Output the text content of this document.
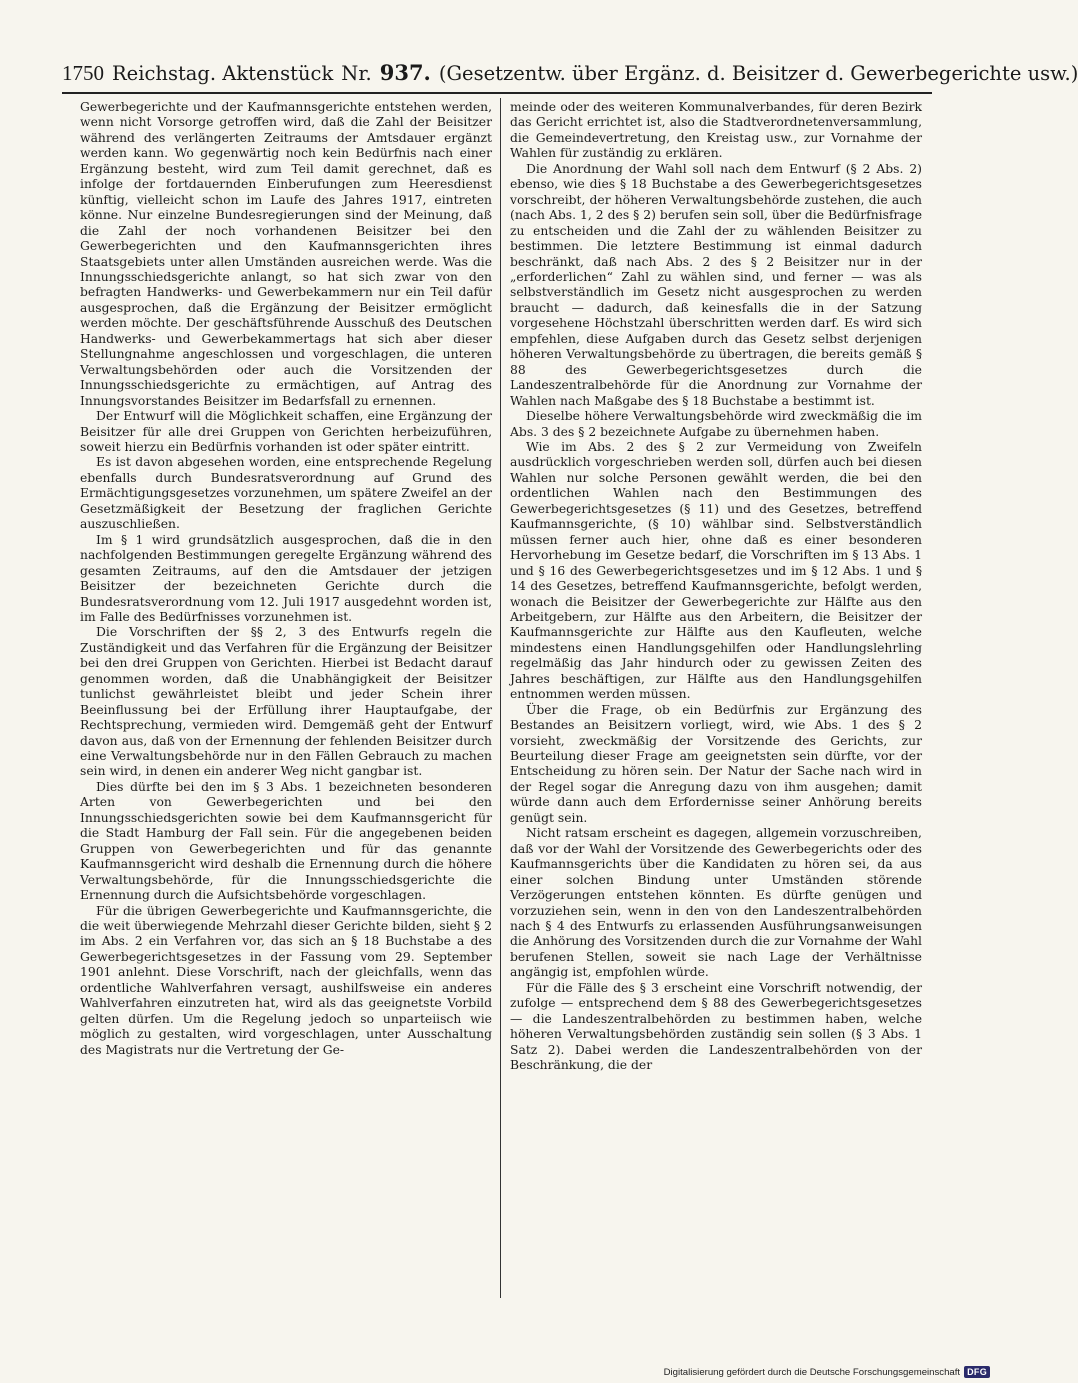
1750 Reichstag. Aktenstück Nr. 937. (Gesetzentw. über Ergänz. d. Beisitzer d. Gewerbegerichte usw.)

Gewerbegerichte und der Kaufmannsgerichte entstehen werden, wenn nicht Vorsorge getroffen wird, daß die Zahl der Beisitzer während des verlängerten Zeitraums der Amtsdauer ergänzt werden kann. Wo gegenwärtig noch kein Bedürfnis nach einer Ergänzung besteht, wird zum Teil damit gerechnet, daß es infolge der fortdauernden Einberufungen zum Heeresdienst künftig, vielleicht schon im Laufe des Jahres 1917, eintreten könne. Nur einzelne Bundesregierungen sind der Meinung, daß die Zahl der noch vorhandenen Beisitzer bei den Gewerbegerichten und den Kaufmannsgerichten ihres Staatsgebiets unter allen Umständen ausreichen werde. Was die Innungsschiedsgerichte anlangt, so hat sich zwar von den befragten Handwerks- und Gewerbekammern nur ein Teil dafür ausgesprochen, daß die Ergänzung der Beisitzer ermöglicht werden möchte. Der geschäftsführende Ausschuß des Deutschen Handwerks- und Gewerbekammertags hat sich aber dieser Stellungnahme angeschlossen und vorgeschlagen, die unteren Verwaltungsbehörden oder auch die Vorsitzenden der Innungsschiedsgerichte zu ermächtigen, auf Antrag des Innungsvorstandes Beisitzer im Bedarfsfall zu ernennen.

Der Entwurf will die Möglichkeit schaffen, eine Ergänzung der Beisitzer für alle drei Gruppen von Gerichten herbeizuführen, soweit hierzu ein Bedürfnis vorhanden ist oder später eintritt.

Es ist davon abgesehen worden, eine entsprechende Regelung ebenfalls durch Bundesratsverordnung auf Grund des Ermächtigungsgesetzes vorzunehmen, um spätere Zweifel an der Gesetzmäßigkeit der Besetzung der fraglichen Gerichte auszuschließen.

Im § 1 wird grundsätzlich ausgesprochen, daß die in den nachfolgenden Bestimmungen geregelte Ergänzung während des gesamten Zeitraums, auf den die Amtsdauer der jetzigen Beisitzer der bezeichneten Gerichte durch die Bundesratsverordnung vom 12. Juli 1917 ausgedehnt worden ist, im Falle des Bedürfnisses vorzunehmen ist.

Die Vorschriften der §§ 2, 3 des Entwurfs regeln die Zuständigkeit und das Verfahren für die Ergänzung der Beisitzer bei den drei Gruppen von Gerichten. Hierbei ist Bedacht darauf genommen worden, daß die Unabhängigkeit der Beisitzer tunlichst gewährleistet bleibt und jeder Schein ihrer Beeinflussung bei der Erfüllung ihrer Hauptaufgabe, der Rechtsprechung, vermieden wird. Demgemäß geht der Entwurf davon aus, daß von der Ernennung der fehlenden Beisitzer durch eine Verwaltungsbehörde nur in den Fällen Gebrauch zu machen sein wird, in denen ein anderer Weg nicht gangbar ist.

Dies dürfte bei den im § 3 Abs. 1 bezeichneten besonderen Arten von Gewerbegerichten und bei den Innungsschiedsgerichten sowie bei dem Kaufmannsgericht für die Stadt Hamburg der Fall sein. Für die angegebenen beiden Gruppen von Gewerbegerichten und für das genannte Kaufmannsgericht wird deshalb die Ernennung durch die höhere Verwaltungsbehörde, für die Innungsschiedsgerichte die Ernennung durch die Aufsichtsbehörde vorgeschlagen.

Für die übrigen Gewerbegerichte und Kaufmannsgerichte, die die weit überwiegende Mehrzahl dieser Gerichte bilden, sieht § 2 im Abs. 2 ein Verfahren vor, das sich an § 18 Buchstabe a des Gewerbegerichtsgesetzes in der Fassung vom 29. September 1901 anlehnt. Diese Vorschrift, nach der gleichfalls, wenn das ordentliche Wahlverfahren versagt, aushilfsweise ein anderes Wahlverfahren einzutreten hat, wird als das geeignetste Vorbild gelten dürfen. Um die Regelung jedoch so unparteiisch wie möglich zu gestalten, wird vorgeschlagen, unter Ausschaltung des Magistrats nur die Vertretung der Ge-

meinde oder des weiteren Kommunalverbandes, für deren Bezirk das Gericht errichtet ist, also die Stadtverordnetenversammlung, die Gemeindevertretung, den Kreistag usw., zur Vornahme der Wahlen für zuständig zu erklären.

Die Anordnung der Wahl soll nach dem Entwurf (§ 2 Abs. 2) ebenso, wie dies § 18 Buchstabe a des Gewerbegerichtsgesetzes vorschreibt, der höheren Verwaltungsbehörde zustehen, die auch (nach Abs. 1, 2 des § 2) berufen sein soll, über die Bedürfnisfrage zu entscheiden und die Zahl der zu wählenden Beisitzer zu bestimmen. Die letztere Bestimmung ist einmal dadurch beschränkt, daß nach Abs. 2 des § 2 Beisitzer nur in der „erforderlichen“ Zahl zu wählen sind, und ferner — was als selbstverständlich im Gesetz nicht ausgesprochen zu werden braucht — dadurch, daß keinesfalls die in der Satzung vorgesehene Höchstzahl überschritten werden darf. Es wird sich empfehlen, diese Aufgaben durch das Gesetz selbst derjenigen höheren Verwaltungsbehörde zu übertragen, die bereits gemäß § 88 des Gewerbegerichtsgesetzes durch die Landeszentralbehörde für die Anordnung zur Vornahme der Wahlen nach Maßgabe des § 18 Buchstabe a bestimmt ist.

Dieselbe höhere Verwaltungsbehörde wird zweckmäßig die im Abs. 3 des § 2 bezeichnete Aufgabe zu übernehmen haben.

Wie im Abs. 2 des § 2 zur Vermeidung von Zweifeln ausdrücklich vorgeschrieben werden soll, dürfen auch bei diesen Wahlen nur solche Personen gewählt werden, die bei den ordentlichen Wahlen nach den Bestimmungen des Gewerbegerichtsgesetzes (§ 11) und des Gesetzes, betreffend Kaufmannsgerichte, (§ 10) wählbar sind. Selbstverständlich müssen ferner auch hier, ohne daß es einer besonderen Hervorhebung im Gesetze bedarf, die Vorschriften im § 13 Abs. 1 und § 16 des Gewerbegerichtsgesetzes und im § 12 Abs. 1 und § 14 des Gesetzes, betreffend Kaufmannsgerichte, befolgt werden, wonach die Beisitzer der Gewerbegerichte zur Hälfte aus den Arbeitgebern, zur Hälfte aus den Arbeitern, die Beisitzer der Kaufmannsgerichte zur Hälfte aus den Kaufleuten, welche mindestens einen Handlungsgehilfen oder Handlungslehrling regelmäßig das Jahr hindurch oder zu gewissen Zeiten des Jahres beschäftigen, zur Hälfte aus den Handlungsgehilfen entnommen werden müssen.

Über die Frage, ob ein Bedürfnis zur Ergänzung des Bestandes an Beisitzern vorliegt, wird, wie Abs. 1 des § 2 vorsieht, zweckmäßig der Vorsitzende des Gerichts, zur Beurteilung dieser Frage am geeignetsten sein dürfte, vor der Entscheidung zu hören sein. Der Natur der Sache nach wird in der Regel sogar die Anregung dazu von ihm ausgehen; damit würde dann auch dem Erfordernisse seiner Anhörung bereits genügt sein.

Nicht ratsam erscheint es dagegen, allgemein vorzuschreiben, daß vor der Wahl der Vorsitzende des Gewerbegerichts oder des Kaufmannsgerichts über die Kandidaten zu hören sei, da aus einer solchen Bindung unter Umständen störende Verzögerungen entstehen könnten. Es dürfte genügen und vorzuziehen sein, wenn in den von den Landeszentralbehörden nach § 4 des Entwurfs zu erlassenden Ausführungsanweisungen die Anhörung des Vorsitzenden durch die zur Vornahme der Wahl berufenen Stellen, soweit sie nach Lage der Verhältnisse angängig ist, empfohlen würde.

Für die Fälle des § 3 erscheint eine Vorschrift notwendig, der zufolge — entsprechend dem § 88 des Gewerbegerichtsgesetzes — die Landeszentralbehörden zu bestimmen haben, welche höheren Verwaltungsbehörden zuständig sein sollen (§ 3 Abs. 1 Satz 2). Dabei werden die Landeszentralbehörden von der Beschränkung, die der

Digitalisierung gefördert durch die Deutsche Forschungsgemeinschaft DFG
